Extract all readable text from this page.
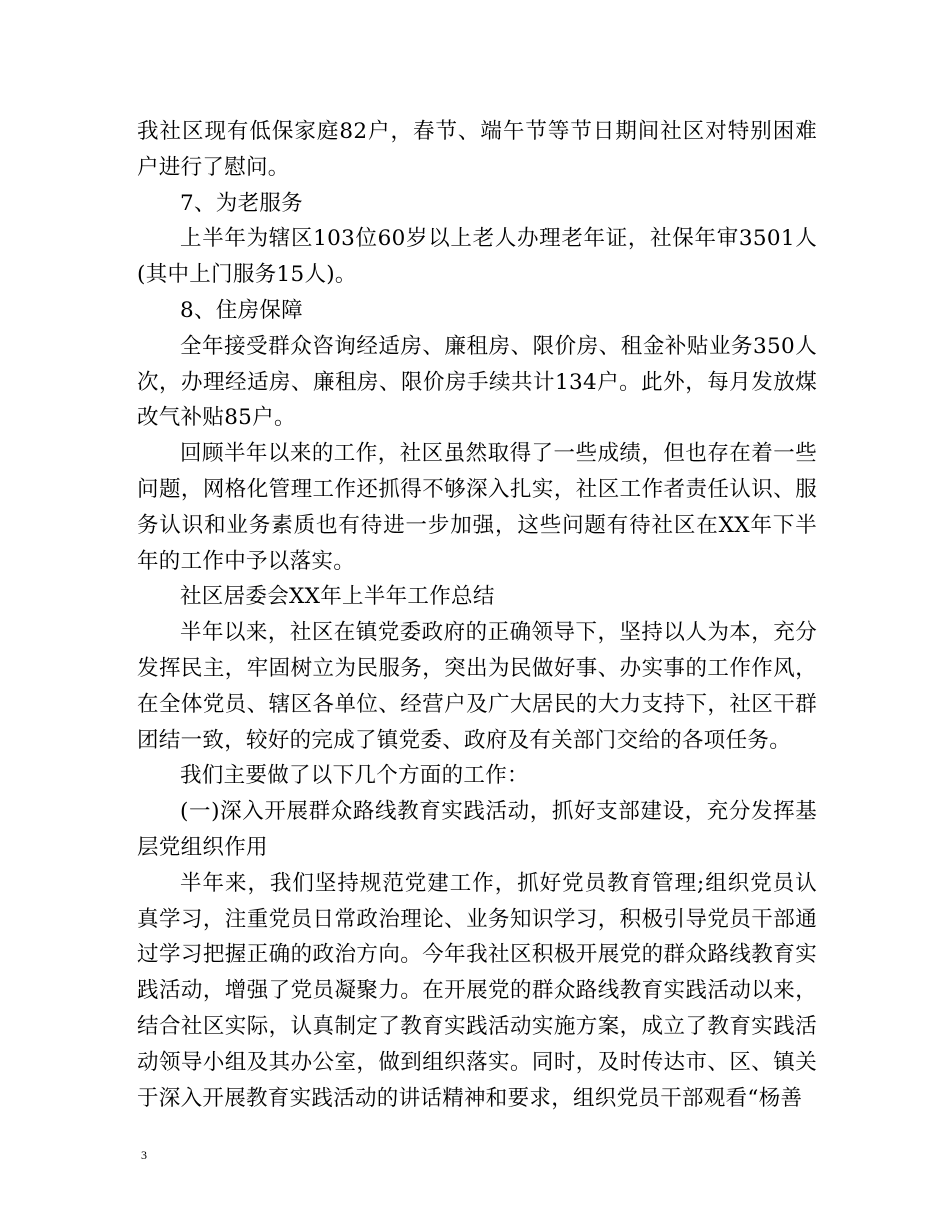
我社区现有低保家庭82户，春节、端午节等节日期间社区对特别困难户进行了慰问。

7、为老服务

上半年为辖区103位60岁以上老人办理老年证，社保年审3501人(其中上门服务15人)。

8、住房保障

全年接受群众咨询经适房、廉租房、限价房、租金补贴业务350人次，办理经适房、廉租房、限价房手续共计134户。此外，每月发放煤改气补贴85户。

回顾半年以来的工作，社区虽然取得了一些成绩，但也存在着一些问题，网格化管理工作还抓得不够深入扎实，社区工作者责任认识、服务认识和业务素质也有待进一步加强，这些问题有待社区在XX年下半年的工作中予以落实。

社区居委会XX年上半年工作总结

半年以来，社区在镇党委政府的正确领导下，坚持以人为本，充分发挥民主，牢固树立为民服务，突出为民做好事、办实事的工作作风，在全体党员、辖区各单位、经营户及广大居民的大力支持下，社区干群团结一致，较好的完成了镇党委、政府及有关部门交给的各项任务。

我们主要做了以下几个方面的工作：

(一)深入开展群众路线教育实践活动，抓好支部建设，充分发挥基层党组织作用

半年来，我们坚持规范党建工作，抓好党员教育管理;组织党员认真学习，注重党员日常政治理论、业务知识学习，积极引导党员干部通过学习把握正确的政治方向。今年我社区积极开展党的群众路线教育实践活动，增强了党员凝聚力。在开展党的群众路线教育实践活动以来，结合社区实际，认真制定了教育实践活动实施方案，成立了教育实践活动领导小组及其办公室，做到组织落实。同时，及时传达市、区、镇关于深入开展教育实践活动的讲话精神和要求，组织党员干部观看“杨善

3
